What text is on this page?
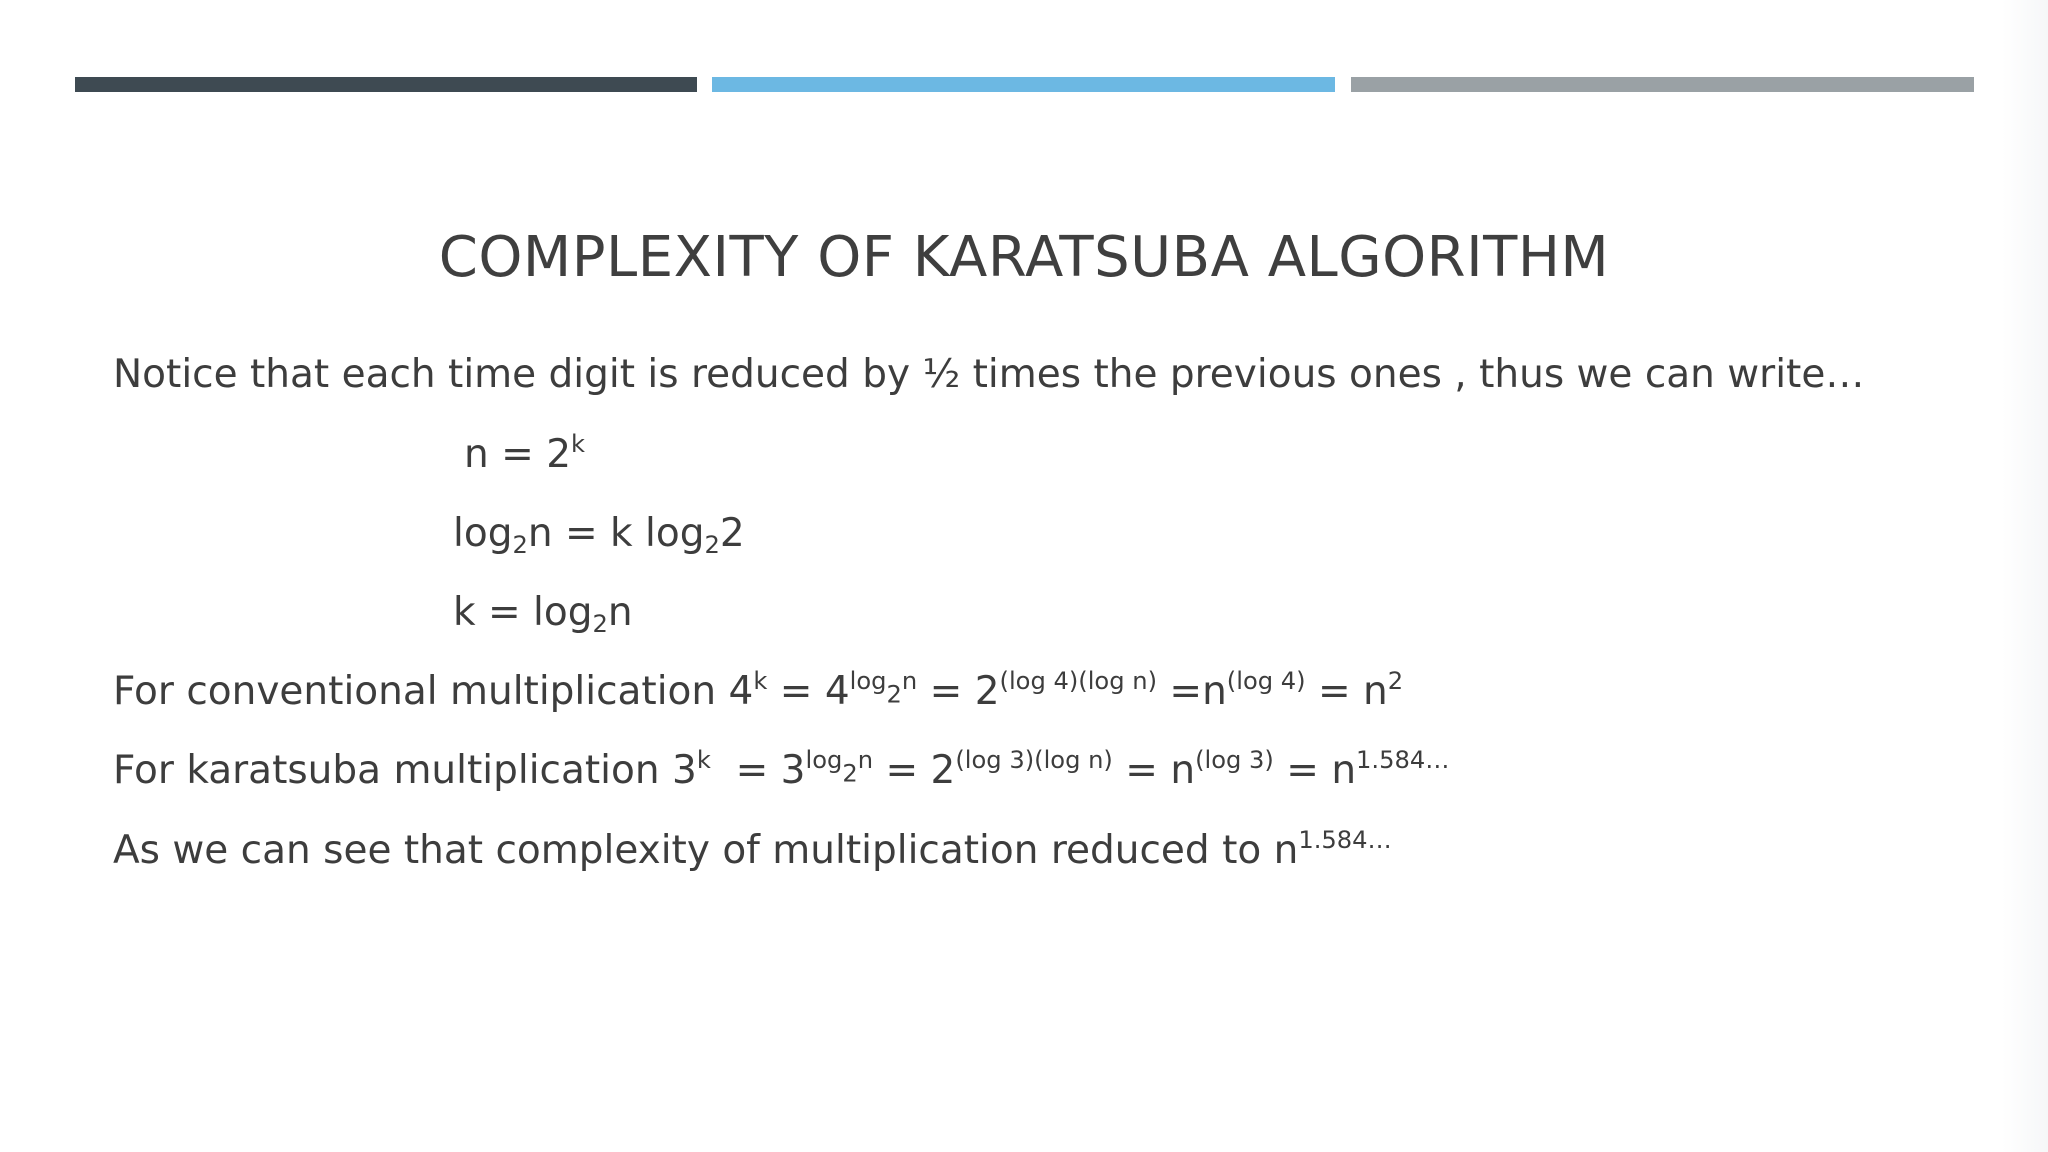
COMPLEXITY OF KARATSUBA ALGORITHM
Notice that each time digit is reduced by ½ times the previous ones , thus we can write…
$n = 2^k$
$\log_2n = k$ $\log_22$
$k = \log_2n$
For conventional multiplication $4^k = 4^{log_2n} = 2^{(log 4)(log n)} =n^{(log 4)} = n^2$
For karatsuba multiplication $3^k = 3^{log_2n} = 2^{(log 3)(log n)} = n^{(log 3)} = n^{1.584\dots}$
As we can see that complexity of multiplication reduced to $n^{1.584\dots}$
